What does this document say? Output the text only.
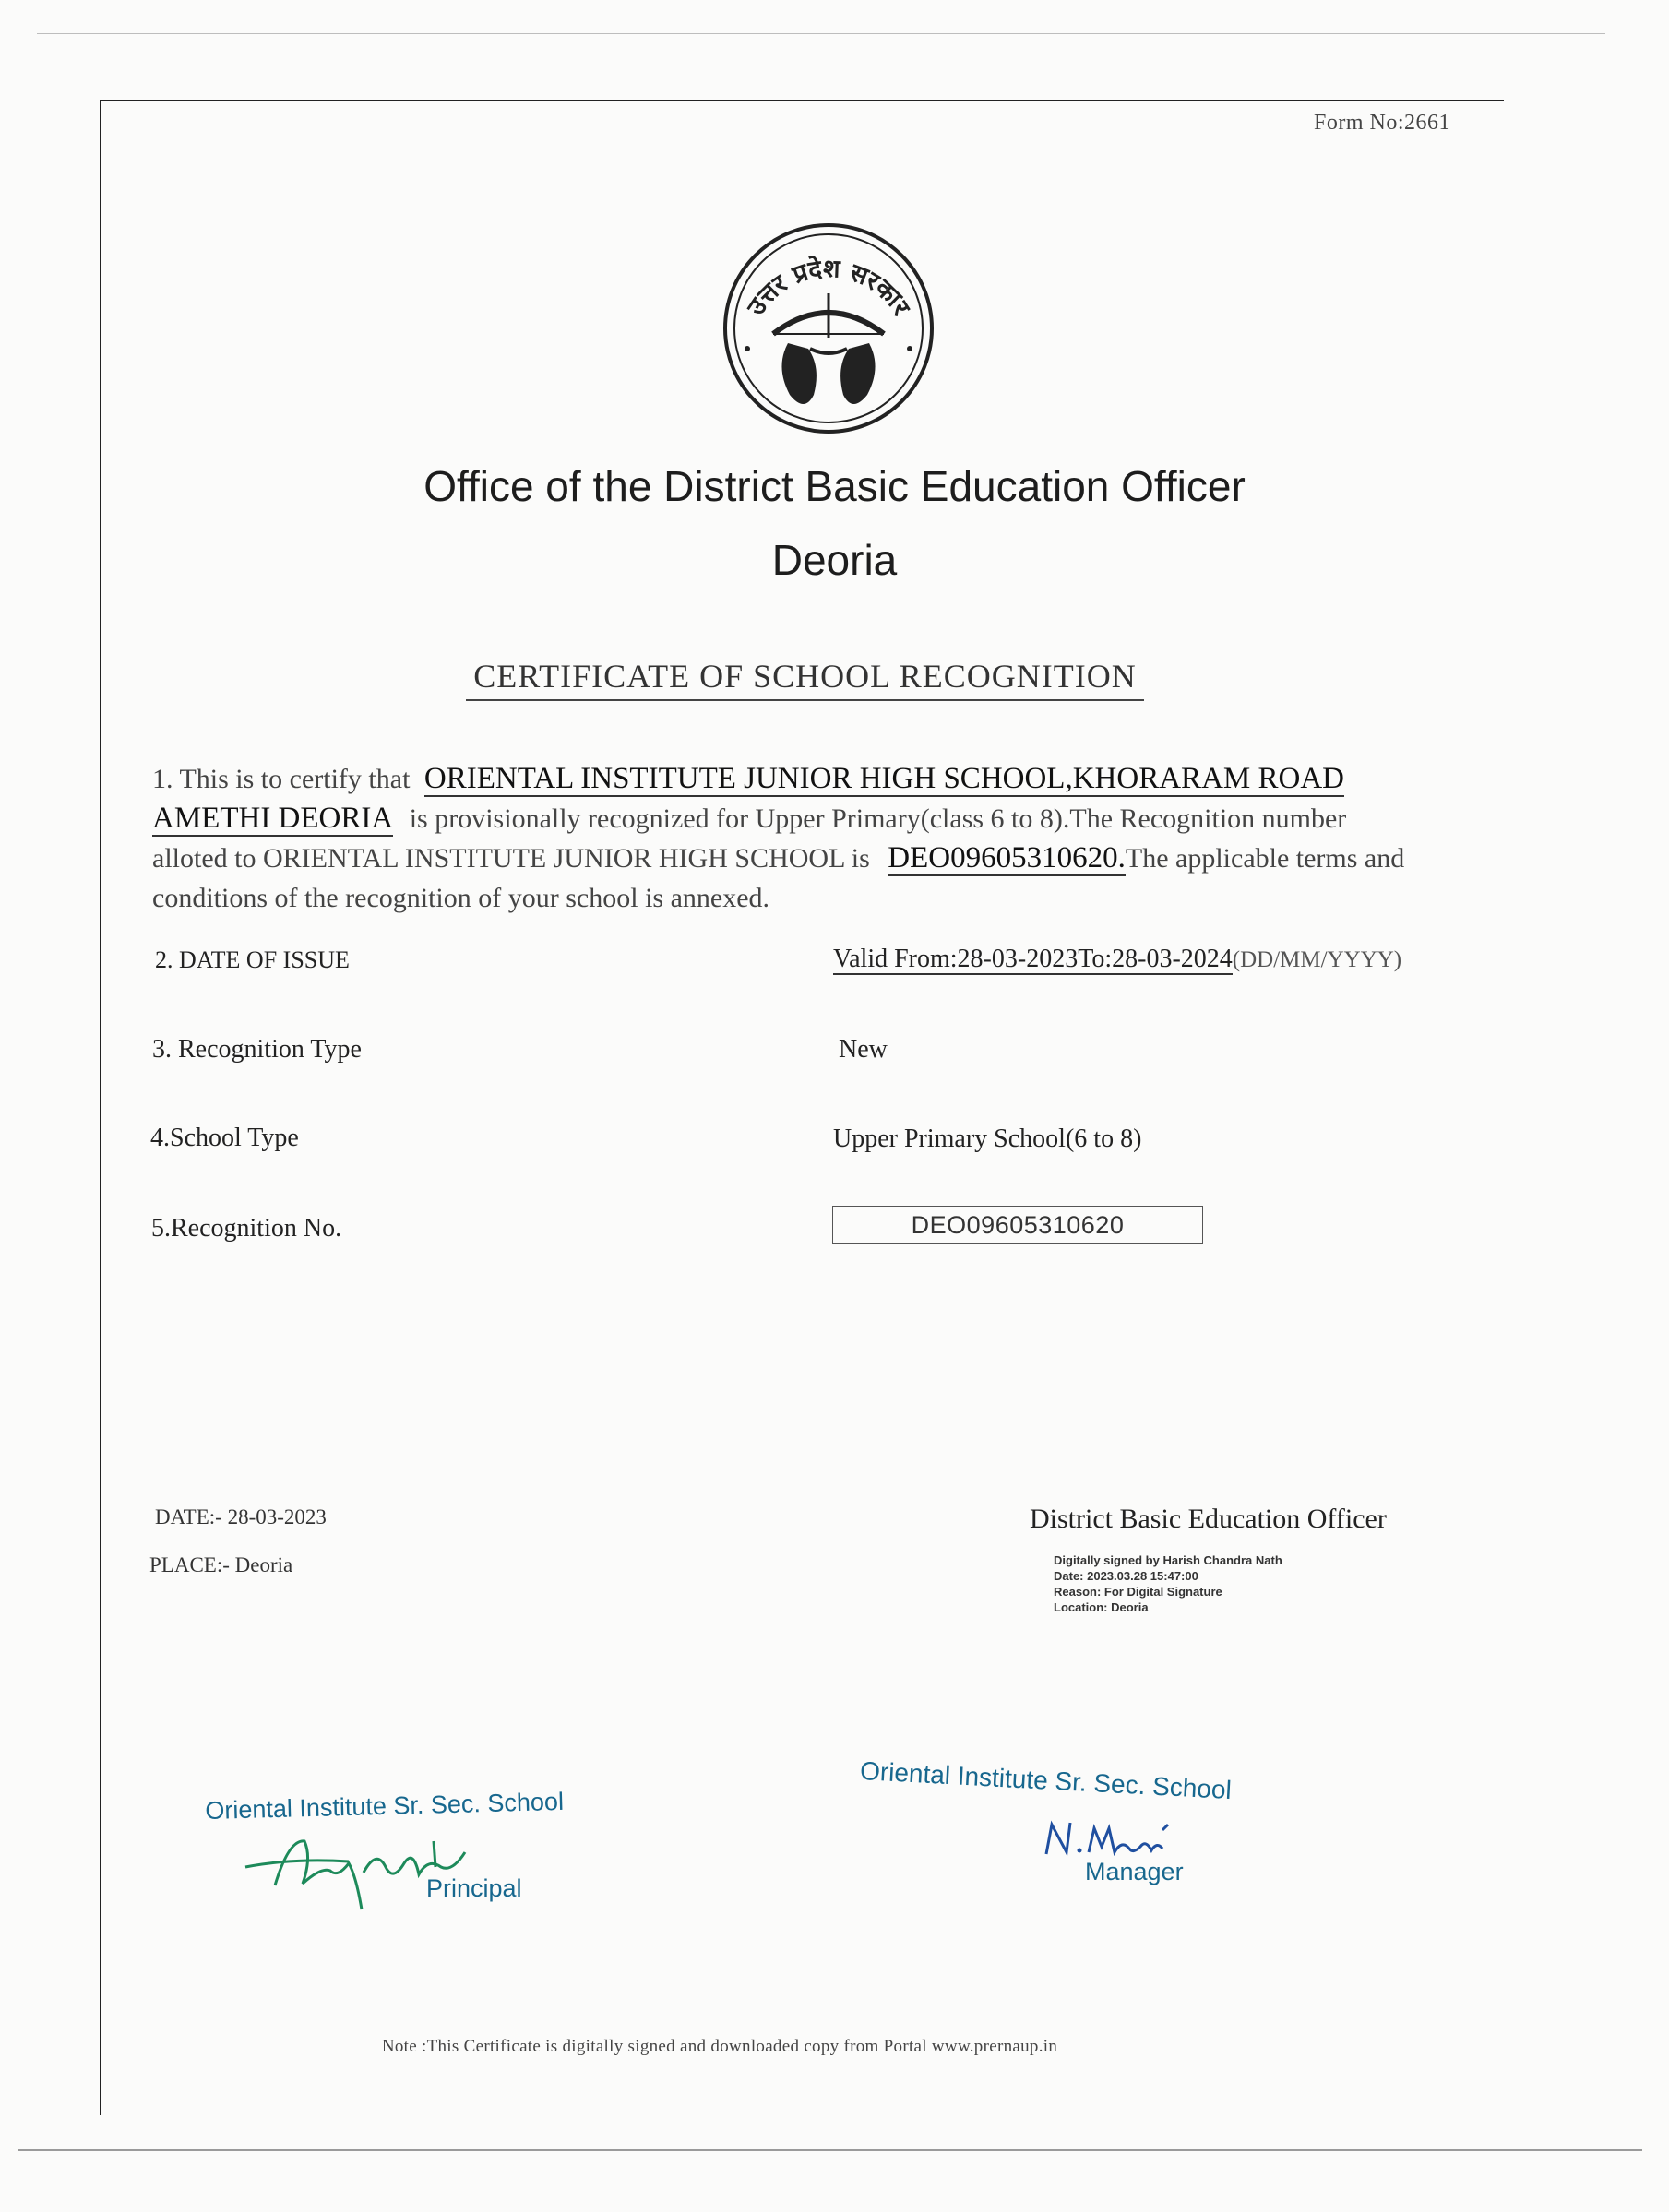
Form No:2661
उत्तर प्रदेश सरकार
Office of the District Basic Education Officer
Deoria
CERTIFICATE OF SCHOOL RECOGNITION
1. This is to certify that ORIENTAL INSTITUTE JUNIOR HIGH SCHOOL,KHORARAM ROAD
AMETHI DEORIA is provisionally recognized for Upper Primary(class 6 to 8).The Recognition number
alloted to ORIENTAL INSTITUTE JUNIOR HIGH SCHOOL is DEO09605310620.The applicable terms and
conditions of the recognition of your school is annexed.
2. DATE OF ISSUE	Valid From:28-03-2023To:28-03-2024(DD/MM/YYYY)
3. Recognition Type	New
4.School Type	Upper Primary School(6 to 8)
5.Recognition No.	DEO09605310620
DATE:- 28-03-2023
PLACE:- Deoria
District Basic Education Officer
Digitally signed by Harish Chandra Nath
Date: 2023.03.28 15:47:00
Reason: For Digital Signature
Location: Deoria
Oriental Institute Sr. Sec. School
Principal
Oriental Institute Sr. Sec. School
Manager
Note :This Certificate is digitally signed and downloaded copy from Portal www.prernaup.in
